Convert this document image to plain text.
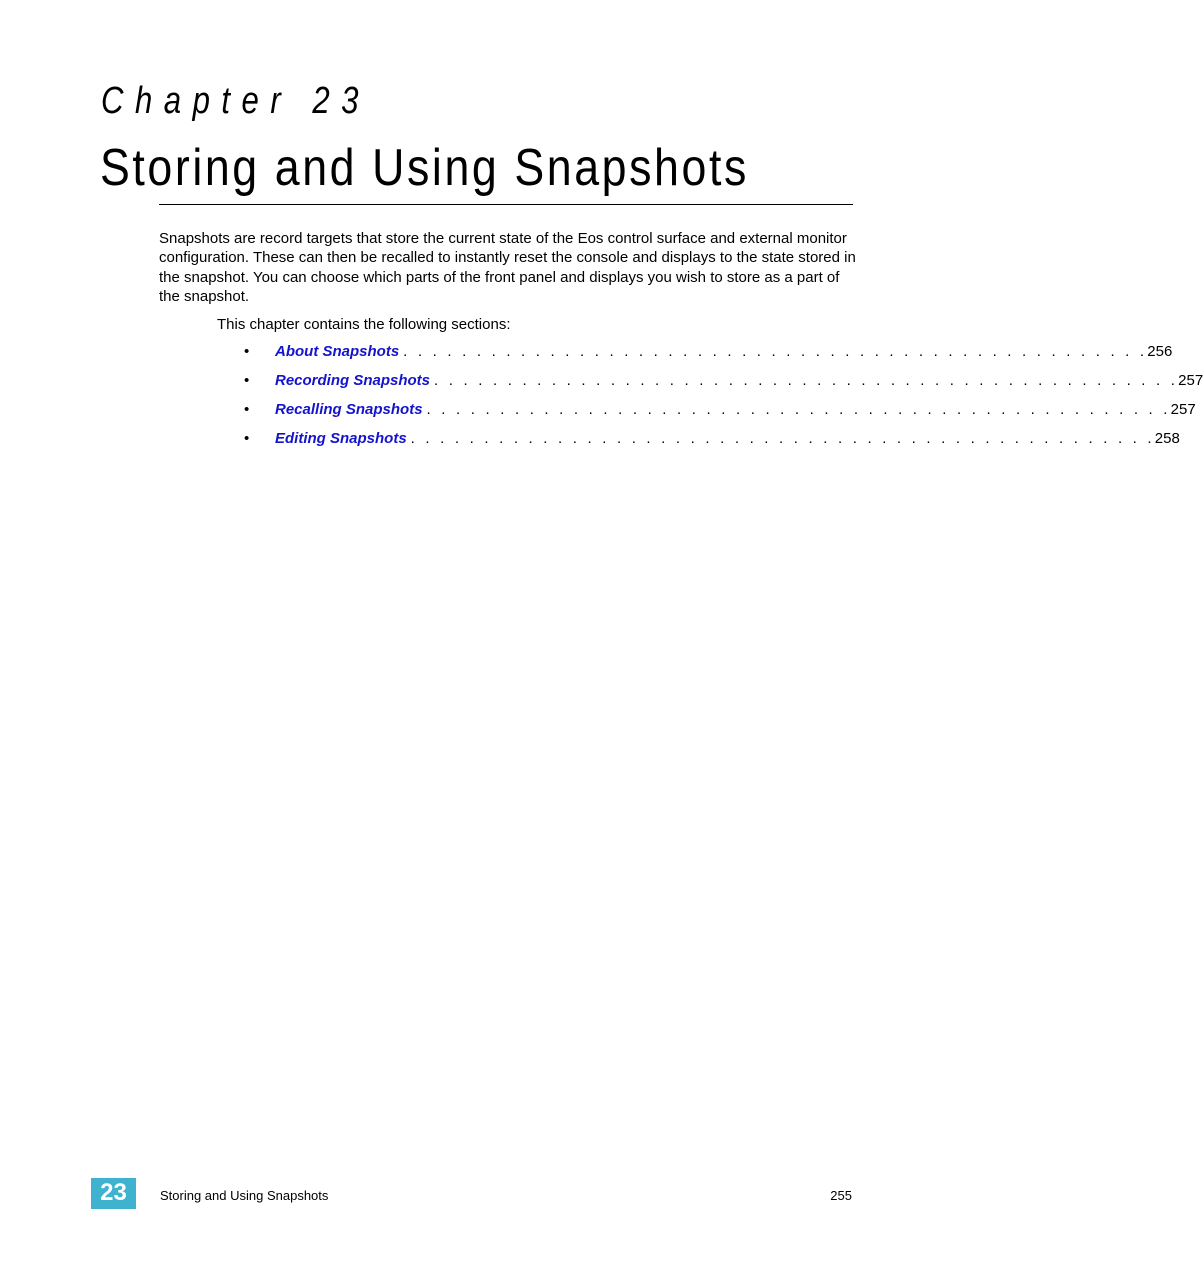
Chapter 23
Storing and Using Snapshots

Snapshots are record targets that store the current state of the Eos control surface and external monitor configuration. These can then be recalled to instantly reset the console and displays to the state stored in the snapshot. You can choose which parts of the front panel and displays you wish to store as a part of the snapshot.

This chapter contains the following sections:

•	About Snapshots . . . . . . . . . . . . . . . . . . . . . . . . . . . . . . . . . . . . . . . . . . . . . . . . . . . 256
•	Recording Snapshots . . . . . . . . . . . . . . . . . . . . . . . . . . . . . . . . . . . . . . . . . . . . . . . . . . . 257
•	Recalling Snapshots . . . . . . . . . . . . . . . . . . . . . . . . . . . . . . . . . . . . . . . . . . . . . . . . . . . 257
•	Editing Snapshots . . . . . . . . . . . . . . . . . . . . . . . . . . . . . . . . . . . . . . . . . . . . . . . . . . . 258
23	Storing and Using Snapshots	255
